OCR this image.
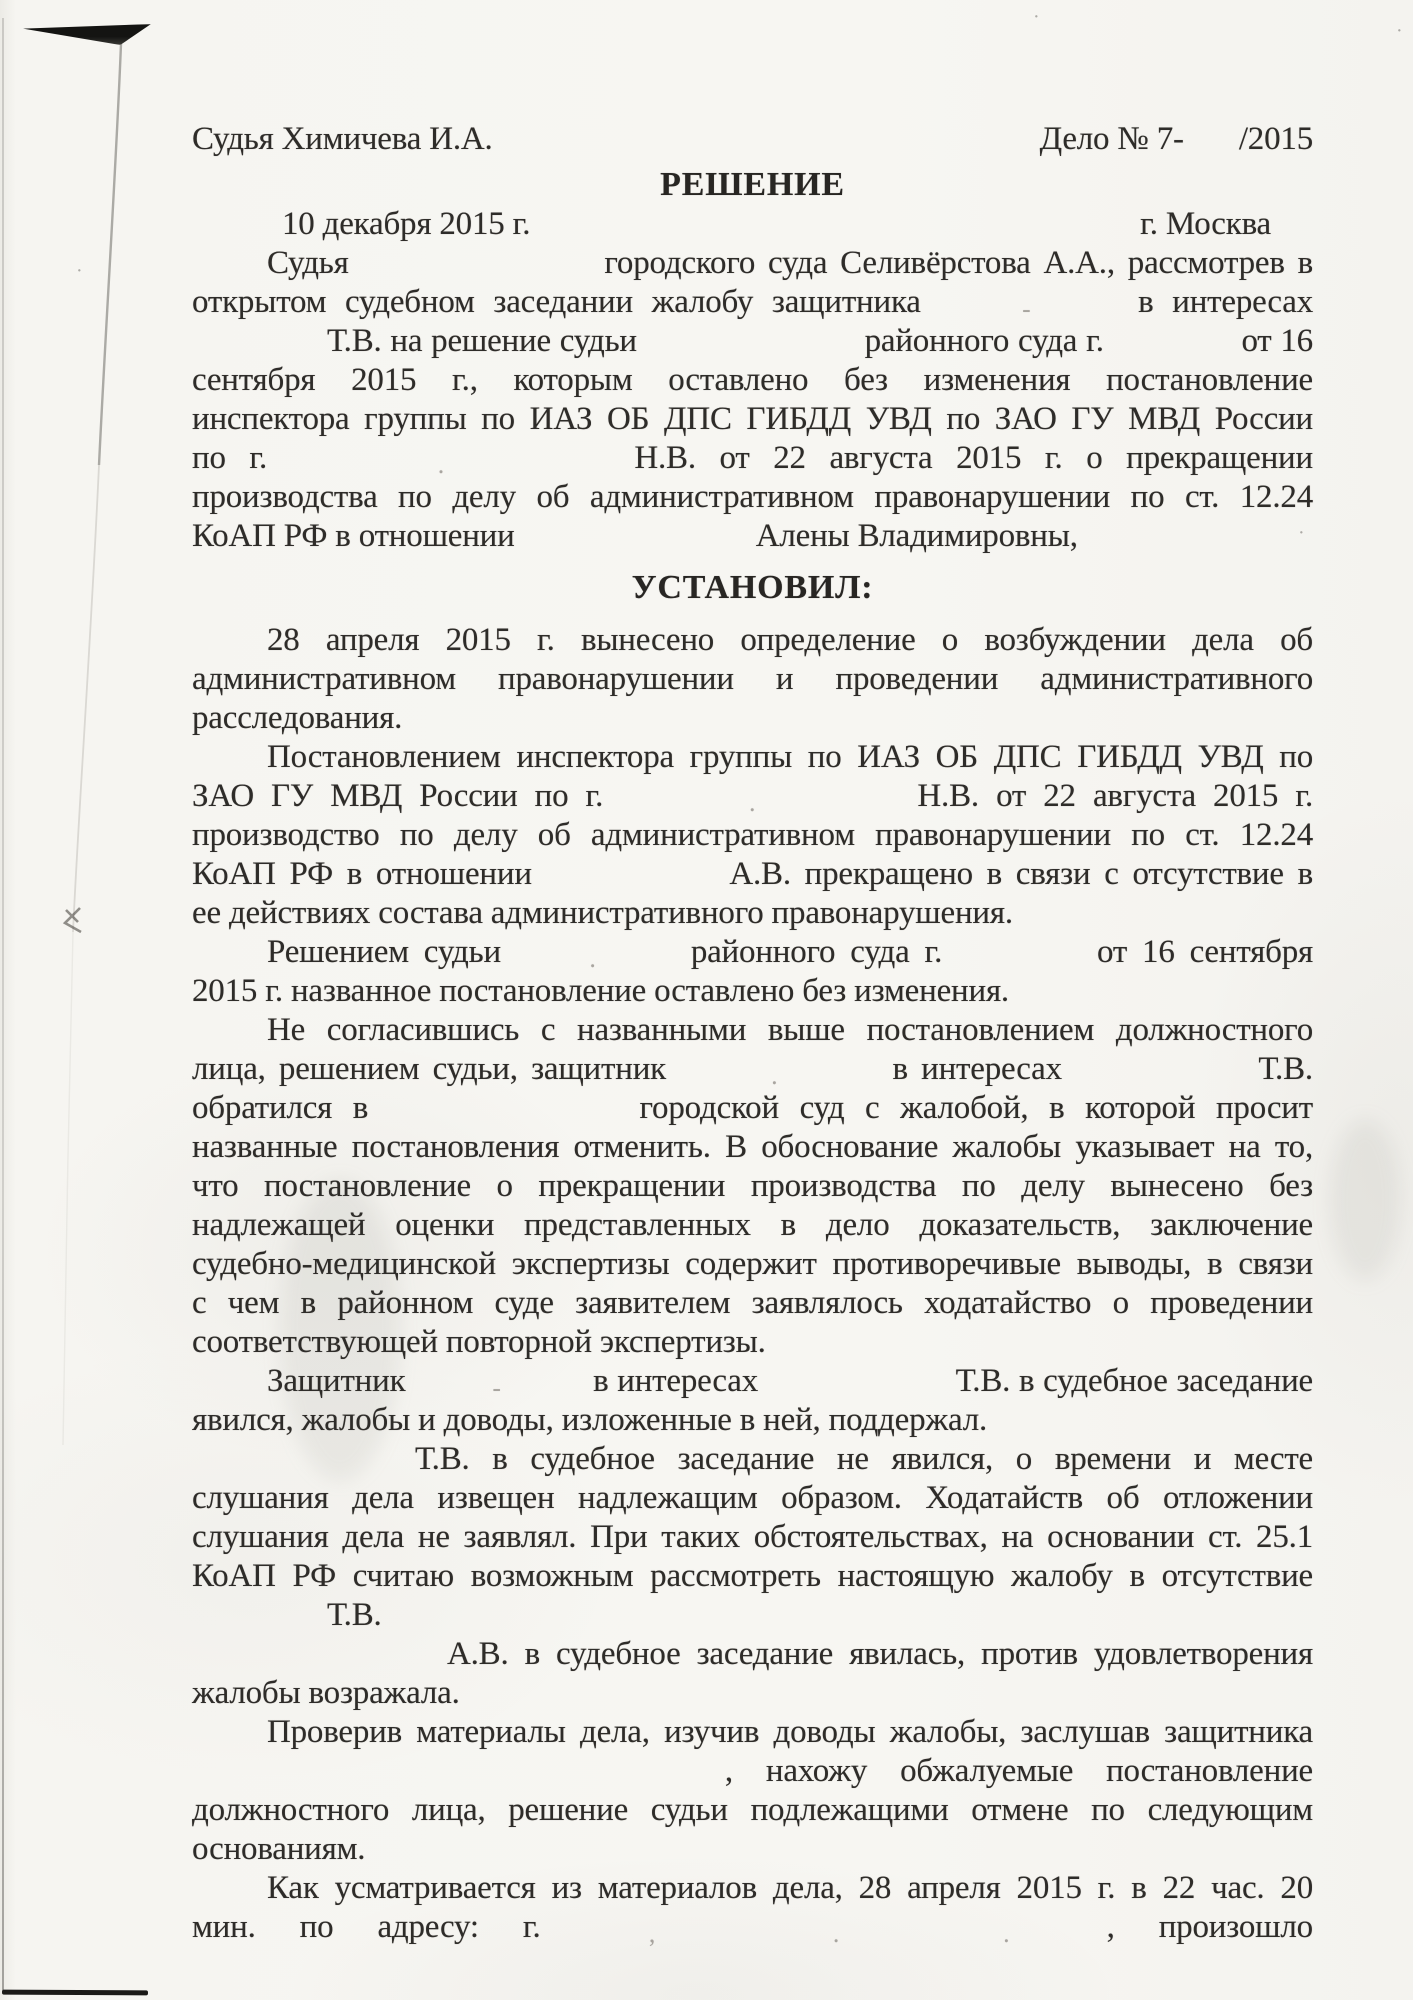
·
·
·
·
Судья Химичева И.А.	Дело № 7- /2015
РЕШЕНИЕ
10 декабря 2015 г.	г. Москва
Судья	городского суда Селивёрстова А.А., рассмотрев в
открытом судебном заседании жалобу защитника	-	в интересах
Т.В. на решение судьи	районного суда г.	от 16
сентября 2015 г., которым оставлено без изменения постановление
инспектора группы по ИАЗ ОБ ДПС ГИБДД УВД по ЗАО ГУ МВД России
по г.	.	Н.В. от 22 августа 2015 г. о прекращении
производства по делу об административном правонарушении по ст. 12.24
КоАП РФ в отношении	Алены Владимировны,
УСТАНОВИЛ:
28 апреля 2015 г. вынесено определение о возбуждении дела об
административном правонарушении и проведении административного
расследования.
Постановлением инспектора группы по ИАЗ ОБ ДПС ГИБДД УВД по
ЗАО ГУ МВД России по г.	.	Н.В. от 22 августа 2015 г.
производство по делу об административном правонарушении по ст. 12.24
КоАП РФ в отношении	А.В. прекращено в связи с отсутствие в
ее действиях состава административного правонарушения.
Решением судьи	.	районного суда г.	от 16 сентября
2015 г. названное постановление оставлено без изменения.
Не согласившись с названными выше постановлением должностного
лица, решением судьи, защитник	.	в интересах	Т.В.
обратился в	городской суд с жалобой, в которой просит
названные постановления отменить. В обоснование жалобы указывает на то,
что постановление о прекращении производства по делу вынесено без
надлежащей оценки представленных в дело доказательств, заключение
судебно-медицинской экспертизы содержит противоречивые выводы, в связи
с чем в районном суде заявителем заявлялось ходатайство о проведении
соответствующей повторной экспертизы.
Защитник	-	в интересах	Т.В. в судебное заседание
явился, жалобы и доводы, изложенные в ней, поддержал.
Т.В. в судебное заседание не явился, о времени и месте
слушания дела извещен надлежащим образом. Ходатайств об отложении
слушания дела не заявлял. При таких обстоятельствах, на основании ст. 25.1
КоАП РФ считаю возможным рассмотреть настоящую жалобу в отсутствие
Т.В.
А.В. в судебное заседание явилась, против удовлетворения
жалобы возражала.
Проверив материалы дела, изучив доводы жалобы, заслушав защитника
, нахожу обжалуемые постановление
должностного лица, решение судьи подлежащими отмене по следующим
основаниям.
Как усматривается из материалов дела, 28 апреля 2015 г. в 22 час. 20
мин. по адресу: г.	,
	.
	.	, произошло
